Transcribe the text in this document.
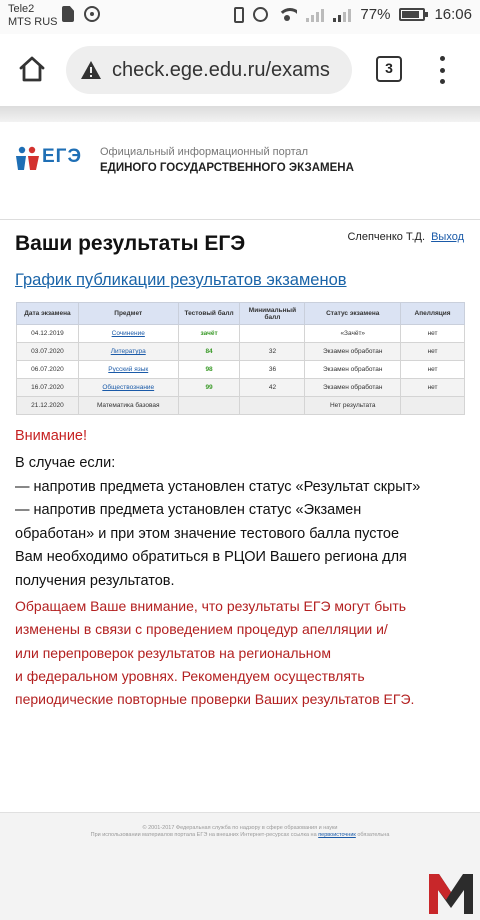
Tele2
MTS RUS	77%	16:06
check.ege.edu.ru/exams	3
ЕГЭ Официальный информационный портал
ЕДИНОГО ГОСУДАРСТВЕННОГО ЭКЗАМЕНА
Ваши результаты ЕГЭ	Слепченко Т.Д. Выход
График публикации результатов экзаменов
Дата экзамена	Предмет	Тестовый балл	Минимальный балл	Статус экзамена	Апелляция
04.12.2019	Сочинение	зачёт		«Зачёт»	нет
03.07.2020	Литература	84	32	Экзамен обработан	нет
06.07.2020	Русский язык	98	36	Экзамен обработан	нет
16.07.2020	Обществознание	99	42	Экзамен обработан	нет
21.12.2020	Математика базовая			Нет результата	
Внимание!
В случае если:
— напротив предмета установлен статус «Результат скрыт»
— напротив предмета установлен статус «Экзамен
обработан» и при этом значение тестового балла пустое
Вам необходимо обратиться в РЦОИ Вашего региона для
получения результатов.
Обращаем Ваше внимание, что результаты ЕГЭ могут быть
изменены в связи с проведением процедур апелляции и/
или перепроверок результатов на региональном
и федеральном уровнях. Рекомендуем осуществлять
периодические повторные проверки Ваших результатов ЕГЭ.
© 2001-2017 Федеральная служба по надзору в сфере образования и науки
При использовании материалов портала ЕГЭ на внешних Интернет-ресурсах ссылка на первоисточник обязательна
